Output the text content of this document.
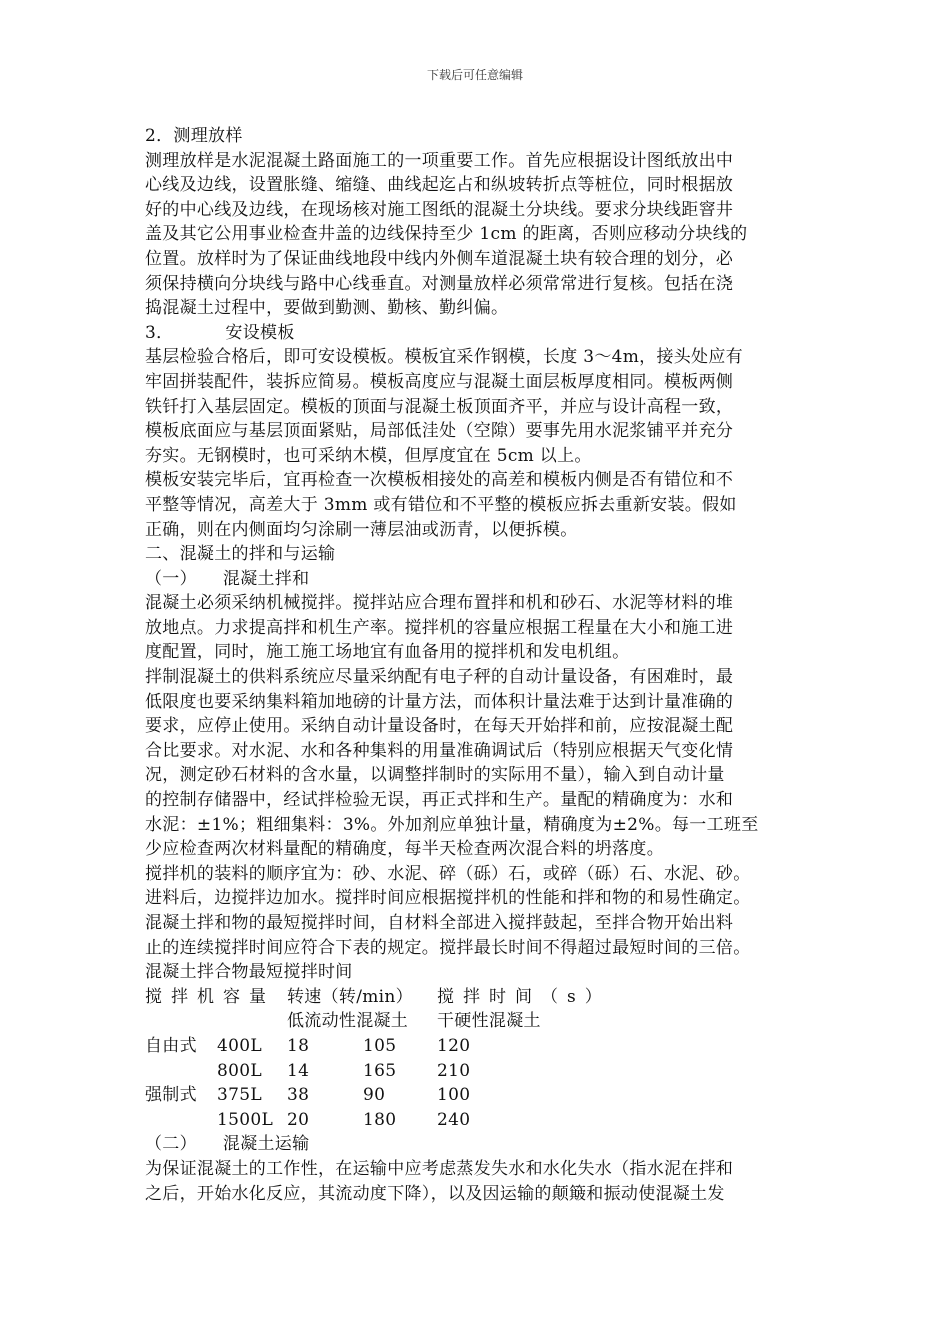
下载后可任意编辑
2．测理放样
测理放样是水泥混凝土路面施工的一项重要工作。首先应根据设计图纸放出中
心线及边线，设置胀缝、缩缝、曲线起迄占和纵坡转折点等桩位，同时根据放
好的中心线及边线，在现场核对施工图纸的混凝土分块线。要求分块线距窨井
盖及其它公用事业检查井盖的边线保持至少 1cm 的距离，否则应移动分块线的
位置。放样时为了保证曲线地段中线内外侧车道混凝土块有较合理的划分，必
须保持横向分块线与路中心线垂直。对测量放样必须常常进行复核。包括在浇
捣混凝土过程中，要做到勤测、勤核、勤纠偏。
3．	安设模板
基层检验合格后，即可安设模板。模板宜采作钢模，长度 3～4m，接头处应有
牢固拼装配件，装拆应简易。模板高度应与混凝土面层板厚度相同。模板两侧
铁钎打入基层固定。模板的顶面与混凝土板顶面齐平，并应与设计高程一致，
模板底面应与基层顶面紧贴，局部低洼处（空隙）要事先用水泥浆铺平并充分
夯实。无钢模时，也可采纳木模，但厚度宜在 5cm 以上。
模板安装完毕后，宜再检查一次模板相接处的高差和模板内侧是否有错位和不
平整等情况，高差大于 3mm 或有错位和不平整的模板应拆去重新安装。假如
正确，则在内侧面均匀涂刷一薄层油或沥青，以便拆模。
二、混凝土的拌和与运输
（一） 混凝土拌和
混凝土必须采纳机械搅拌。搅拌站应合理布置拌和机和砂石、水泥等材料的堆
放地点。力求提高拌和机生产率。搅拌机的容量应根据工程量在大小和施工进
度配置，同时，施工施工场地宜有血备用的搅拌机和发电机组。
拌制混凝土的供料系统应尽量采纳配有电子秤的自动计量设备，有困难时，最
低限度也要采纳集料箱加地磅的计量方法，而体积计量法难于达到计量准确的
要求，应停止使用。采纳自动计量设备时，在每天开始拌和前，应按混凝土配
合比要求。对水泥、水和各种集料的用量准确调试后（特别应根据天气变化情
况，测定砂石材料的含水量，以调整拌制时的实际用不量），输入到自动计量
的控制存储器中，经试拌检验无误，再正式拌和生产。量配的精确度为：水和
水泥：±1%；粗细集料：3%。外加剂应单独计量，精确度为±2%。每一工班至
少应检查两次材料量配的精确度，每半天检查两次混合料的坍落度。
搅拌机的装料的顺序宜为：砂、水泥、碎（砾）石，或碎（砾）石、水泥、砂。
进料后，边搅拌边加水。搅拌时间应根据搅拌机的性能和拌和物的和易性确定。
混凝土拌和物的最短搅拌时间，自材料全部进入搅拌鼓起，至拌合物开始出料
止的连续搅拌时间应符合下表的规定。搅拌最长时间不得超过最短时间的三倍。
混凝土拌合物最短搅拌时间
搅拌机容量 转速（转/min） 搅拌时间（s）
低流动性混凝土 干硬性混凝土
自由式 400L 18	105 120
800L 14	165 210
强制式 375L 38	90	100
1500L 20	180 240
（二） 混凝土运输
为保证混凝土的工作性，在运输中应考虑蒸发失水和水化失水（指水泥在拌和
之后，开始水化反应，其流动度下降），以及因运输的颠簸和振动使混凝土发
